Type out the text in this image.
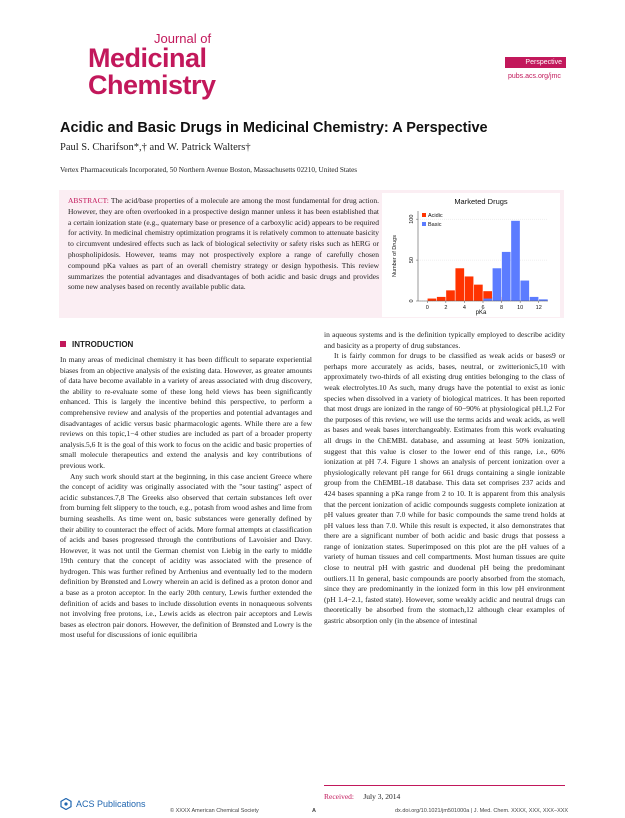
Journal of
Medicinal
Chemistry
Perspective
pubs.acs.org/jmc
Acidic and Basic Drugs in Medicinal Chemistry: A Perspective
Paul S. Charifson*,† and W. Patrick Walters†
Vertex Pharmaceuticals Incorporated, 50 Northern Avenue Boston, Massachusetts 02210, United States
ABSTRACT: The acid/base properties of a molecule are among the most fundamental for drug action. However, they are often overlooked in a prospective design manner unless it has been established that a certain ionization state (e.g., quaternary base or presence of a carboxylic acid) appears to be required for activity. In medicinal chemistry optimization programs it is relatively common to attenuate basicity to circumvent undesired effects such as lack of biological selectivity or safety risks such as hERG or phospholipidosis. However, teams may not prospectively explore a range of carefully chosen compound pKa values as part of an overall chemistry strategy or design hypothesis. This review summarizes the potential advantages and disadvantages of both acidic and basic drugs and provides some new analyses based on recently available public data.
Marketed Drugs
Number of Drugs
pKa
0	2	4	6	8	10 12
0
50
100 Acidic
Basic
INTRODUCTION

In many areas of medicinal chemistry it has been difficult to separate experiential biases from an objective analysis of the existing data. However, as greater amounts of data have become available in a variety of areas associated with drug discovery, the ability to re-evaluate some of these long held views has been significantly enhanced. This is largely the incentive behind this perspective, to perform a comprehensive review and analysis of the properties and potential advantages and disadvantages of acidic versus basic pharmacologic agents. While there are a few reviews on this topic,1−4 other studies are included as part of a broader property analysis.5,6 It is the goal of this work to focus on the acidic and basic properties of small molecule therapeutics and extend the analysis and key contributions of previous work.

Any such work should start at the beginning, in this case ancient Greece where the concept of acidity was originally associated with the "sour tasting" aspect of acidic substances.7,8 The Greeks also observed that certain substances left over from burning felt slippery to the touch, e.g., potash from wood ashes and lime from burning seashells. As time went on, basic substances were generally defined by their ability to counteract the effect of acids. More formal attempts at classification of acids and bases progressed through the contributions of Lavoisier and Davy. However, it was not until the German chemist von Liebig in the early to middle 19th century that the concept of acidity was associated with the presence of hydrogen. This was further refined by Arrhenius and eventually led to the modern definition by Brønsted and Lowry wherein an acid is defined as a proton donor and a base as a proton acceptor. In the early 20th century, Lewis further extended the definition of acids and bases to include dissolution events in nonaqueous solvents not involving free protons, i.e., Lewis acids as electron pair acceptors and Lewis bases as electron pair donors. However, the definition of Brønsted and Lowry is the most useful for discussions of ionic equilibria

in aqueous systems and is the definition typically employed to describe acidity and basicity as a property of drug substances.

It is fairly common for drugs to be classified as weak acids or bases9 or perhaps more accurately as acids, bases, neutral, or zwitterionic5,10 with approximately two-thirds of all existing drug entities belonging to the class of weak electrolytes.10 As such, many drugs have the potential to exist as ionic species when dissolved in a variety of biological matrices. It has been reported that most drugs are ionized in the range of 60−90% at physiological pH.1,2 For the purposes of this review, we will use the terms acids and weak acids, as well as bases and weak bases interchangeably. Estimates from this work evaluating all drugs in the ChEMBL database, and assuming at least 50% ionization, suggest that this value is closer to the lower end of this range, i.e., 60% ionization at pH 7.4. Figure 1 shows an analysis of percent ionization over a physiologically relevant pH range for 661 drugs containing a single ionizable group from the ChEMBL-18 database. This data set comprises 237 acids and 424 bases spanning a pKa range from 2 to 10. It is apparent from this analysis that the percent ionization of acidic compounds suggests complete ionization at pH values greater than 7.0 while for basic compounds the same trend holds at pH values less than 7.0. While this result is expected, it also demonstrates that there are a significant number of both acidic and basic drugs that possess a range of ionization states. Superimposed on this plot are the pH values of a variety of human tissues and cell compartments. Most human tissues are quite close to neutral pH with gastric and duodenal pH being the predominant outliers.11 In general, basic compounds are poorly absorbed from the stomach, since they are predominantly in the ionized form in this low pH environment (pH 1.4−2.1, fasted state). However, some weakly acidic and neutral drugs can theoretically be absorbed from the stomach,12 although clear examples of gastric absorption only (in the absence of intestinal

Received: July 3, 2014
ACS Publications
© XXXX American Chemical Society	A	dx.doi.org/10.1021/jm501000a | J. Med. Chem. XXXX, XXX, XXX−XXX
